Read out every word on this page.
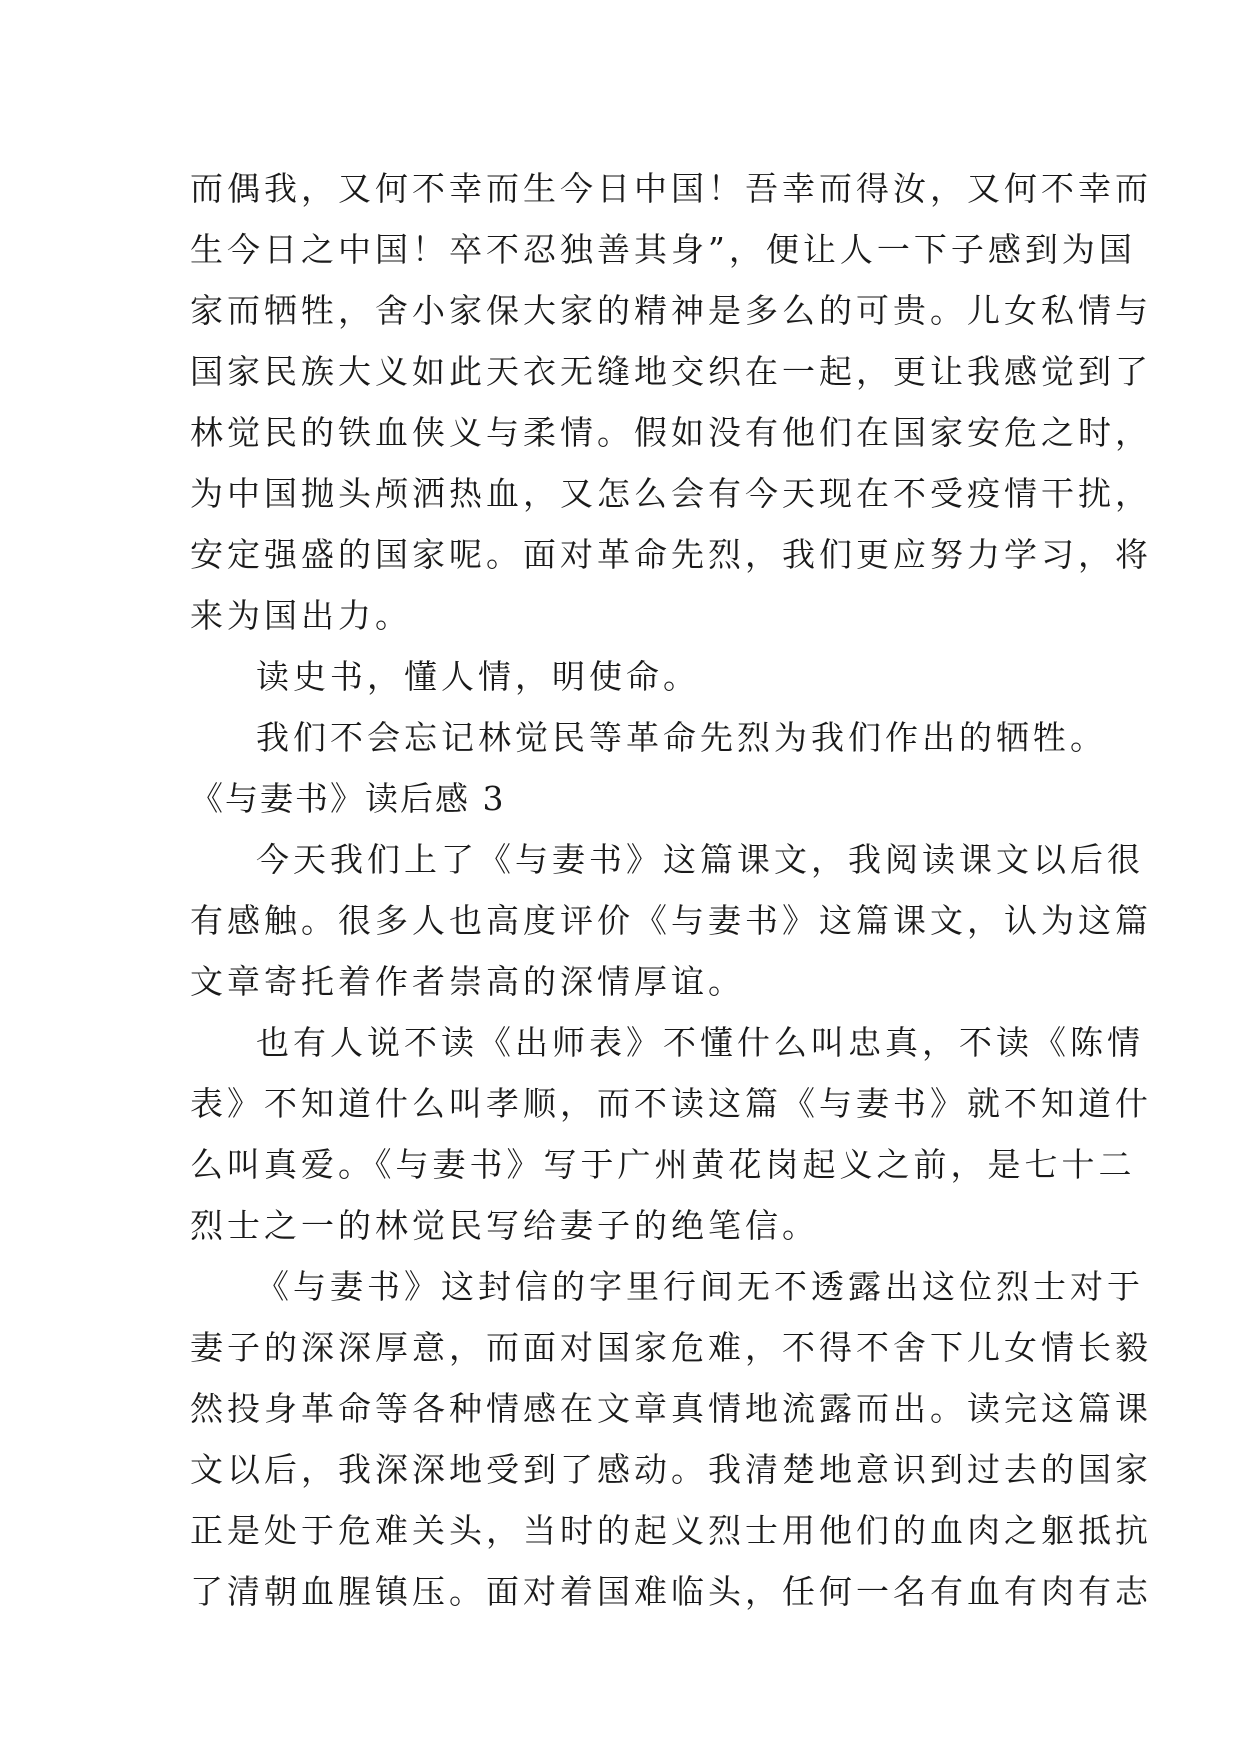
而偶我，又何不幸而生今日中国！吾幸而得汝，又何不幸而
生今日之中国！卒不忍独善其身”，便让人一下子感到为国
家而牺牲，舍小家保大家的精神是多么的可贵。儿女私情与
国家民族大义如此天衣无缝地交织在一起，更让我感觉到了
林觉民的铁血侠义与柔情。假如没有他们在国家安危之时，
为中国抛头颅洒热血，又怎么会有今天现在不受疫情干扰，
安定强盛的国家呢。面对革命先烈，我们更应努力学习，将
来为国出力。
读史书，懂人情，明使命。
我们不会忘记林觉民等革命先烈为我们作出的牺牲。
《与妻书》读后感 3
今天我们上了《与妻书》这篇课文，我阅读课文以后很
有感触。很多人也高度评价《与妻书》这篇课文，认为这篇
文章寄托着作者崇高的深情厚谊。
也有人说不读《出师表》不懂什么叫忠真，不读《陈情
表》不知道什么叫孝顺，而不读这篇《与妻书》就不知道什
么叫真爱。《与妻书》写于广州黄花岗起义之前，是七十二
烈士之一的林觉民写给妻子的绝笔信。
《与妻书》这封信的字里行间无不透露出这位烈士对于
妻子的深深厚意，而面对国家危难，不得不舍下儿女情长毅
然投身革命等各种情感在文章真情地流露而出。读完这篇课
文以后，我深深地受到了感动。我清楚地意识到过去的国家
正是处于危难关头，当时的起义烈士用他们的血肉之躯抵抗
了清朝血腥镇压。面对着国难临头，任何一名有血有肉有志
